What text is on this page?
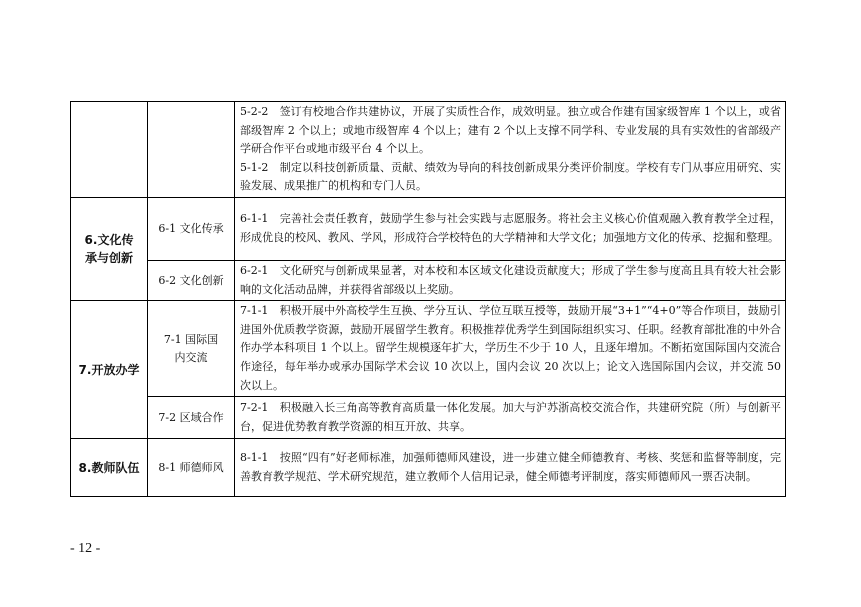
		5-2-2　签订有校地合作共建协议，开展了实质性合作，成效明显。独立或合作建有国家级智库 1 个以上，或省部级智库 2 个以上；或地市级智库 4 个以上；建有 2 个以上支撑不同学科、专业发展的具有实效性的省部级产学研合作平台或地市级平台 4 个以上。

5-1-2　制定以科技创新质量、贡献、绩效为导向的科技创新成果分类评价制度。学校有专门从事应用研究、实验发展、成果推广的机构和专门人员。

6.文化传承与创新	6-1 文化传承	6-1-1　完善社会责任教育，鼓励学生参与社会实践与志愿服务。将社会主义核心价值观融入教育教学全过程，形成优良的校风、教风、学风，形成符合学校特色的大学精神和大学文化；加强地方文化的传承、挖掘和整理。

	6-2 文化创新	6-2-1　文化研究与创新成果显著，对本校和本区域文化建设贡献度大；形成了学生参与度高且具有较大社会影响的文化活动品牌，并获得省部级以上奖励。

7.开放办学	7-1 国际国内交流	7-1-1　积极开展中外高校学生互换、学分互认、学位互联互授等，鼓励开展“3+1”“4+0”等合作项目，鼓励引进国外优质教学资源，鼓励开展留学生教育。积极推荐优秀学生到国际组织实习、任职。经教育部批准的中外合作办学本科项目 1 个以上。留学生规模逐年扩大，学历生不少于 10 人，且逐年增加。不断拓宽国际国内交流合作途径，每年举办或承办国际学术会议 10 次以上，国内会议 20 次以上；论文入选国际国内会议，并交流 50 次以上。

	7-2 区域合作	7-2-1　积极融入长三角高等教育高质量一体化发展。加大与沪苏浙高校交流合作，共建研究院（所）与创新平台，促进优势教育教学资源的相互开放、共享。

8.教师队伍	8-1 师德师风	8-1-1　按照“四有”好老师标准，加强师德师风建设，进一步建立健全师德教育、考核、奖惩和监督等制度，完善教育教学规范、学术研究规范，建立教师个人信用记录，健全师德考评制度，落实师德师风一票否决制。

- 12 -
